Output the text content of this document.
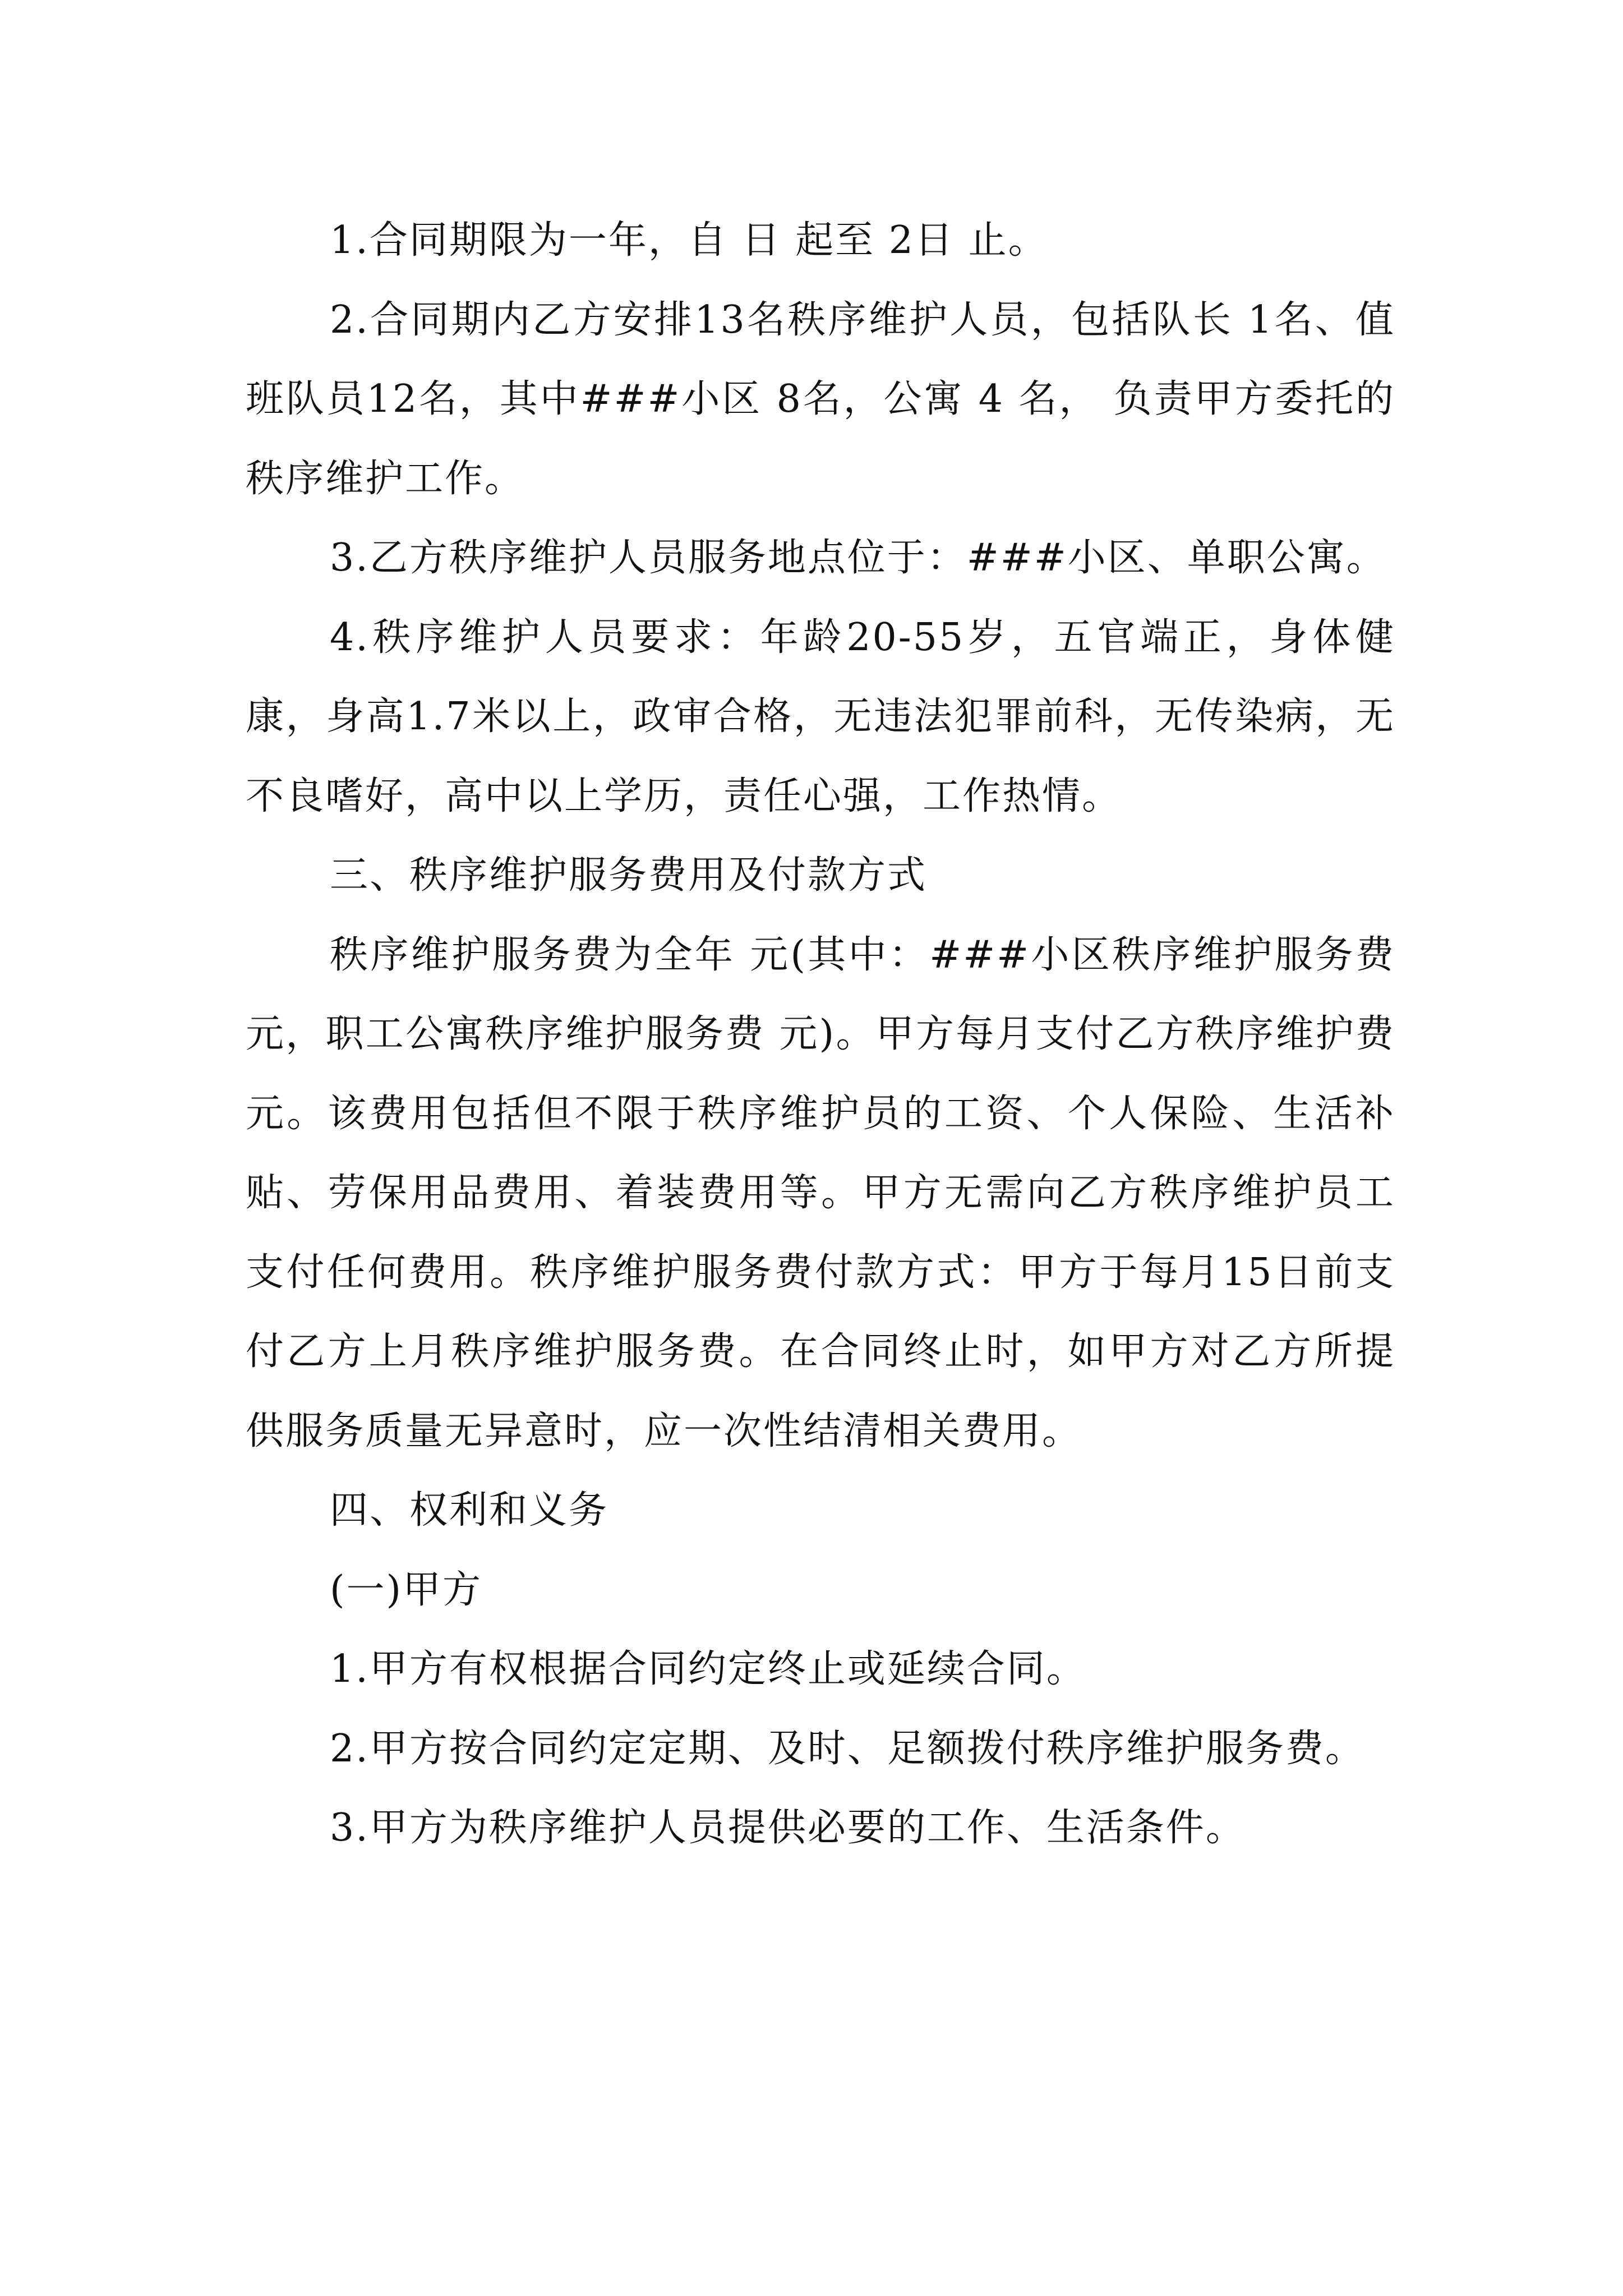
1.合同期限为一年，自 日 起至 2日 止。

2.合同期内乙方安排13名秩序维护人员，包括队长 1名、值班队员12名，其中###小区 8名，公寓 4 名， 负责甲方委托的秩序维护工作。

3.乙方秩序维护人员服务地点位于：###小区、单职公寓。

4.秩序维护人员要求：年龄20-55岁，五官端正，身体健康，身高1.7米以上，政审合格，无违法犯罪前科，无传染病，无不良嗜好，高中以上学历，责任心强，工作热情。

三、秩序维护服务费用及付款方式

秩序维护服务费为全年 元(其中：###小区秩序维护服务费 元，职工公寓秩序维护服务费 元)。甲方每月支付乙方秩序维护费 元。该费用包括但不限于秩序维护员的工资、个人保险、生活补贴、劳保用品费用、着装费用等。甲方无需向乙方秩序维护员工支付任何费用。秩序维护服务费付款方式：甲方于每月15日前支付乙方上月秩序维护服务费。在合同终止时，如甲方对乙方所提供服务质量无异意时，应一次性结清相关费用。

四、权利和义务

(一)甲方

1.甲方有权根据合同约定终止或延续合同。

2.甲方按合同约定定期、及时、足额拨付秩序维护服务费。

3.甲方为秩序维护人员提供必要的工作、生活条件。
